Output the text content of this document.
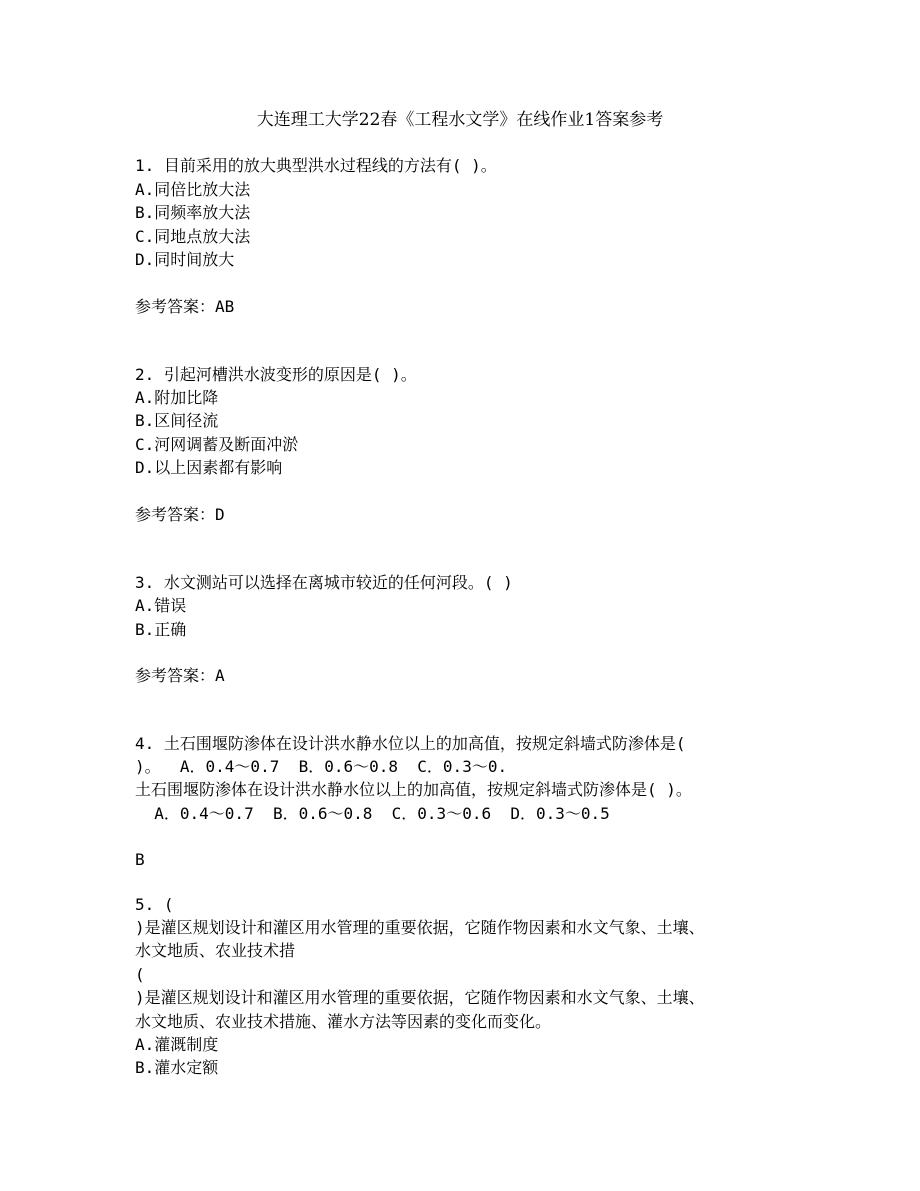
大连理工大学22春《工程水文学》在线作业1答案参考
1. 目前采用的放大典型洪水过程线的方法有( )。
A.同倍比放大法
B.同频率放大法
C.同地点放大法
D.同时间放大
参考答案：AB
2. 引起河槽洪水波变形的原因是( )。
A.附加比降
B.区间径流
C.河网调蓄及断面冲淤
D.以上因素都有影响
参考答案：D
3. 水文测站可以选择在离城市较近的任何河段。( )
A.错误
B.正确
参考答案：A
4. 土石围堰防渗体在设计洪水静水位以上的加高值，按规定斜墙式防渗体是(
)。  A．0.4～0.7  B．0.6～0.8  C．0.3～0.
土石围堰防渗体在设计洪水静水位以上的加高值，按规定斜墙式防渗体是( )。
A．0.4～0.7  B．0.6～0.8  C．0.3～0.6  D．0.3～0.5
B
5. (
)是灌区规划设计和灌区用水管理的重要依据，它随作物因素和水文气象、土壤、
水文地质、农业技术措
(
)是灌区规划设计和灌区用水管理的重要依据，它随作物因素和水文气象、土壤、
水文地质、农业技术措施、灌水方法等因素的变化而变化。
A.灌溉制度
B.灌水定额
